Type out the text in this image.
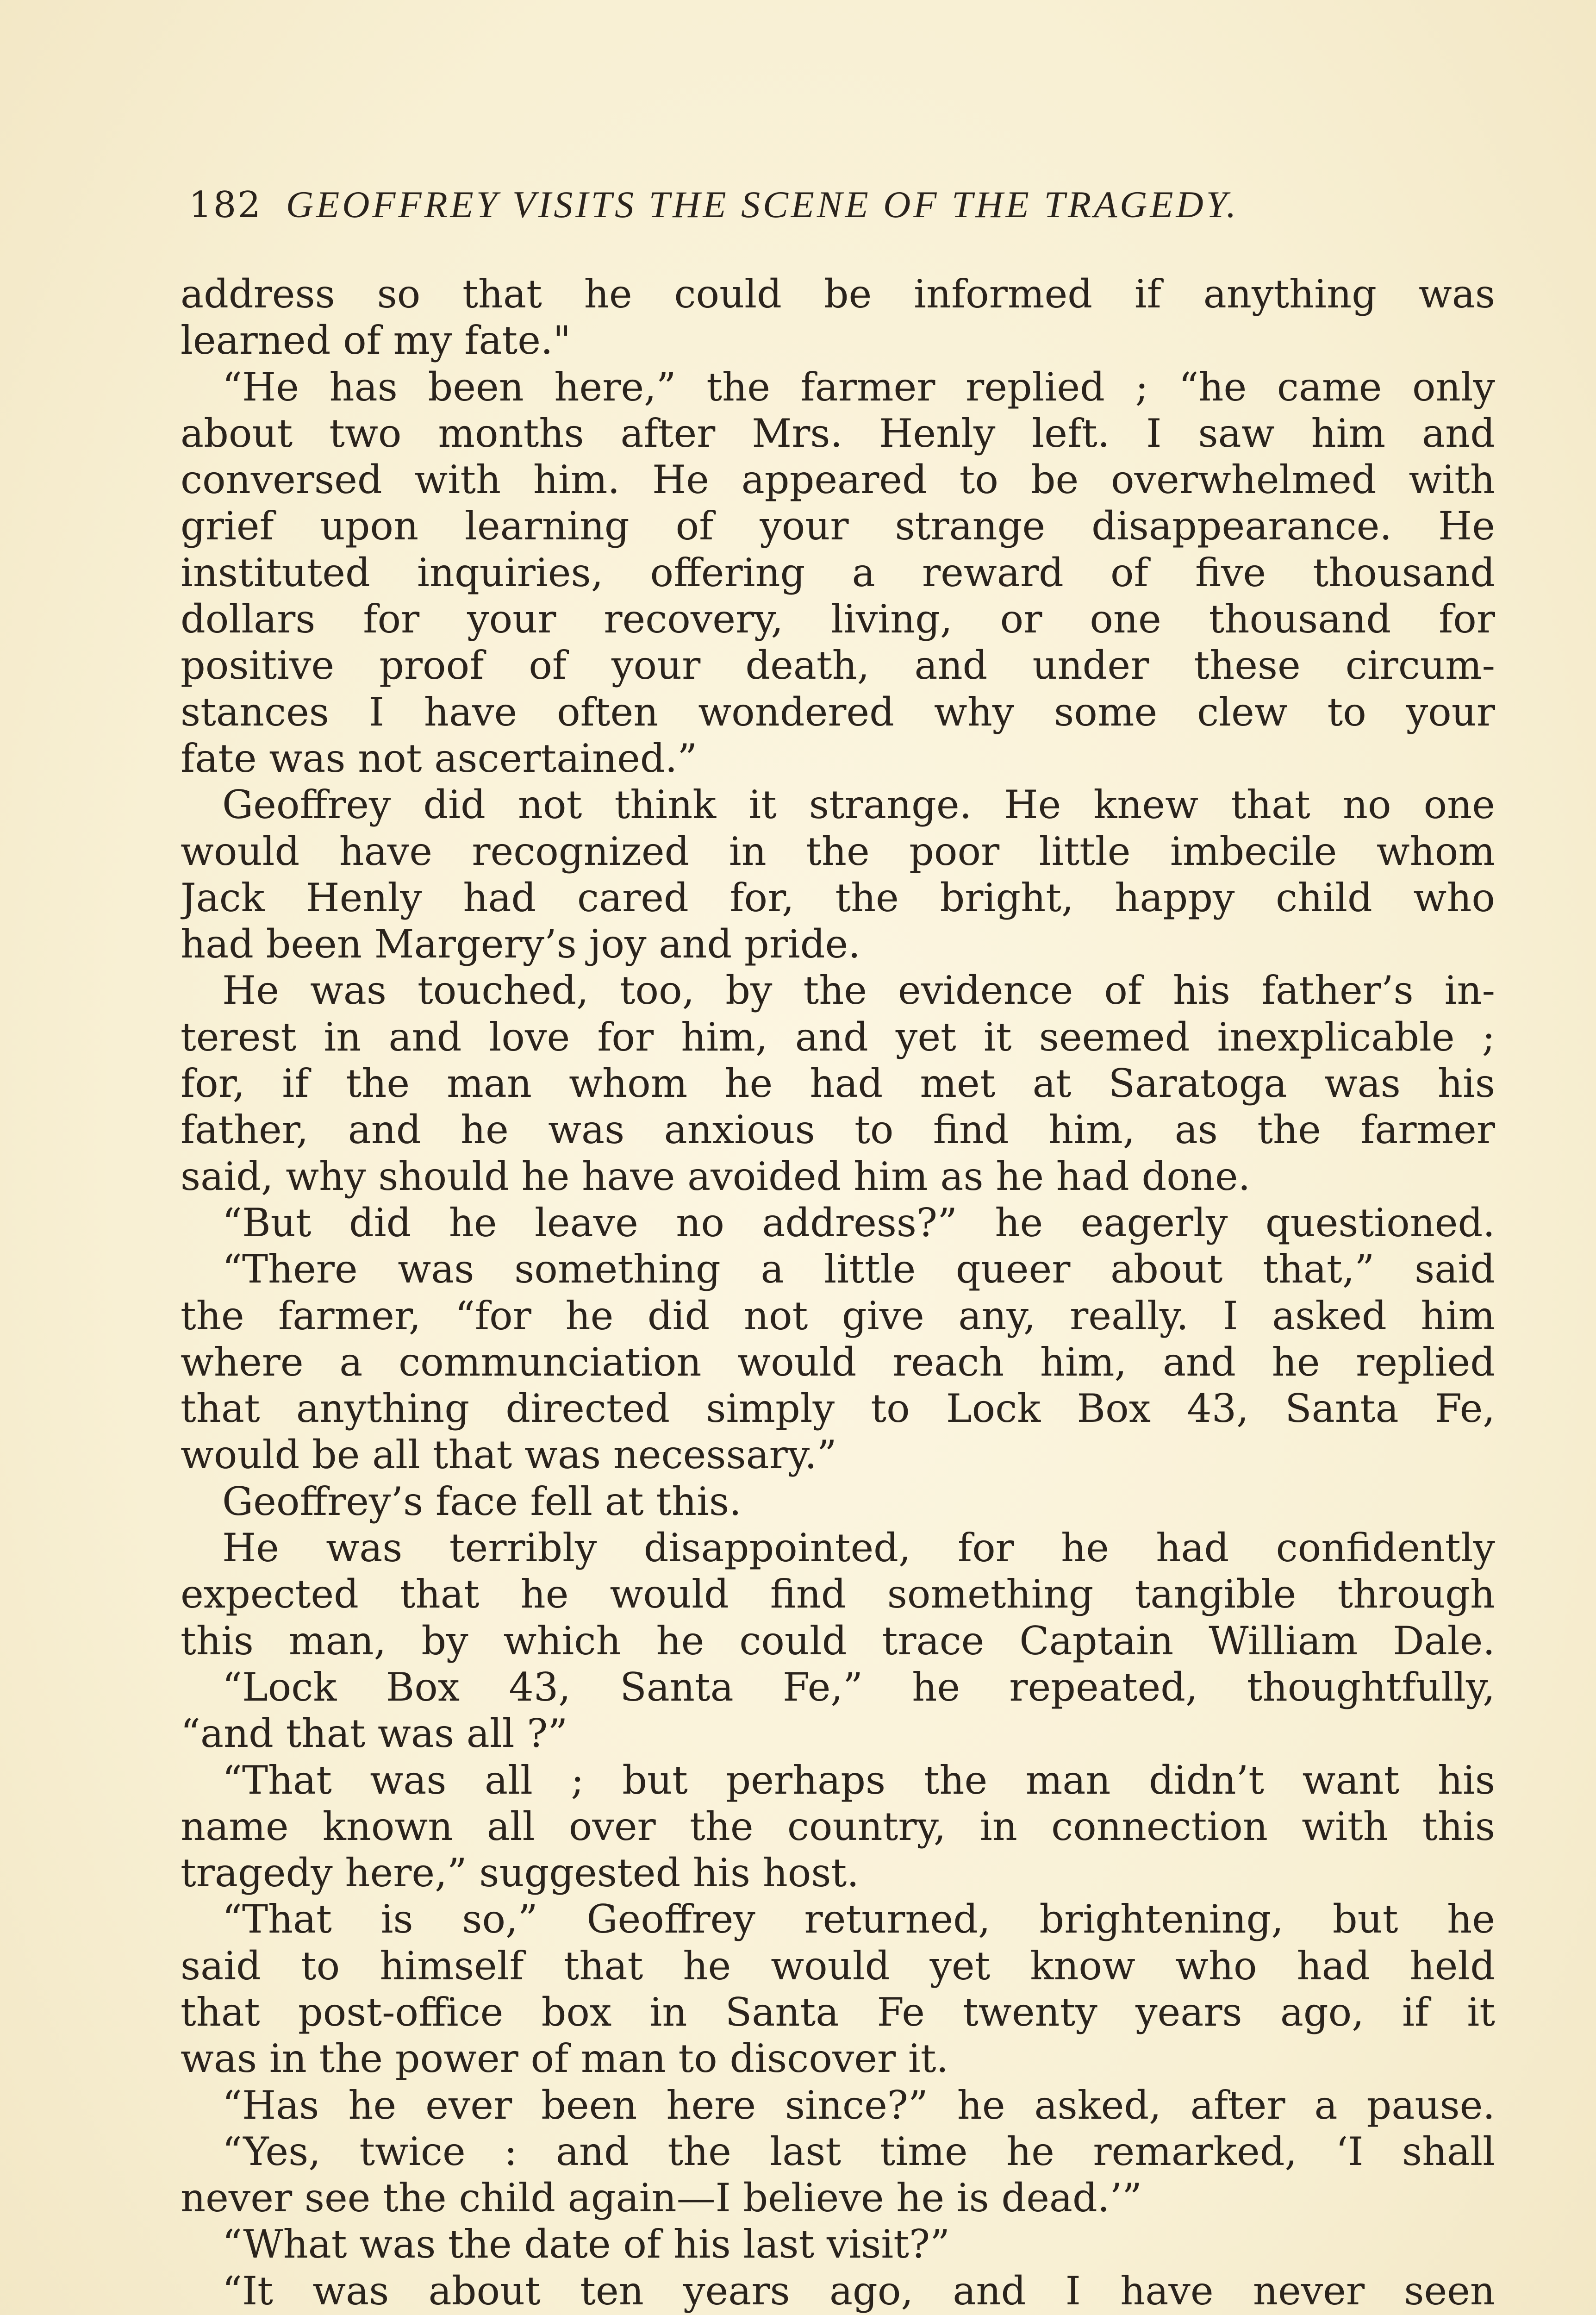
182 GEOFFREY VISITS THE SCENE OF THE TRAGEDY.
address so that he could be informed if anything was
learned of my fate."
“He has been here,” the farmer replied ; “he came only
about two months after Mrs. Henly left. I saw him and
conversed with him. He appeared to be overwhelmed with
grief upon learning of your strange disappearance. He
instituted inquiries, offering a reward of five thousand
dollars for your recovery, living, or one thousand for
positive proof of your death, and under these circum-
stances I have often wondered why some clew to your
fate was not ascertained.”
Geoffrey did not think it strange. He knew that no one
would have recognized in the poor little imbecile whom
Jack Henly had cared for, the bright, happy child who
had been Margery’s joy and pride.
He was touched, too, by the evidence of his father’s in-
terest in and love for him, and yet it seemed inexplicable ;
for, if the man whom he had met at Saratoga was his
father, and he was anxious to find him, as the farmer
said, why should he have avoided him as he had done.
“But did he leave no address?” he eagerly questioned.
“There was something a little queer about that,” said
the farmer, “for he did not give any, really. I asked him
where a communciation would reach him, and he replied
that anything directed simply to Lock Box 43, Santa Fe,
would be all that was necessary.”
Geoffrey’s face fell at this.
He was terribly disappointed, for he had confidently
expected that he would find something tangible through
this man, by which he could trace Captain William Dale.
“Lock Box 43, Santa Fe,” he repeated, thoughtfully,
“and that was all ?”
“That was all ; but perhaps the man didn’t want his
name known all over the country, in connection with this
tragedy here,” suggested his host.
“That is so,” Geoffrey returned, brightening, but he
said to himself that he would yet know who had held
that post-office box in Santa Fe twenty years ago, if it
was in the power of man to discover it.
“Has he ever been here since?” he asked, after a pause.
“Yes, twice : and the last time he remarked, ‘I shall
never see the child again—I believe he is dead.’”
“What was the date of his last visit?”
“It was about ten years ago, and I have never seen
